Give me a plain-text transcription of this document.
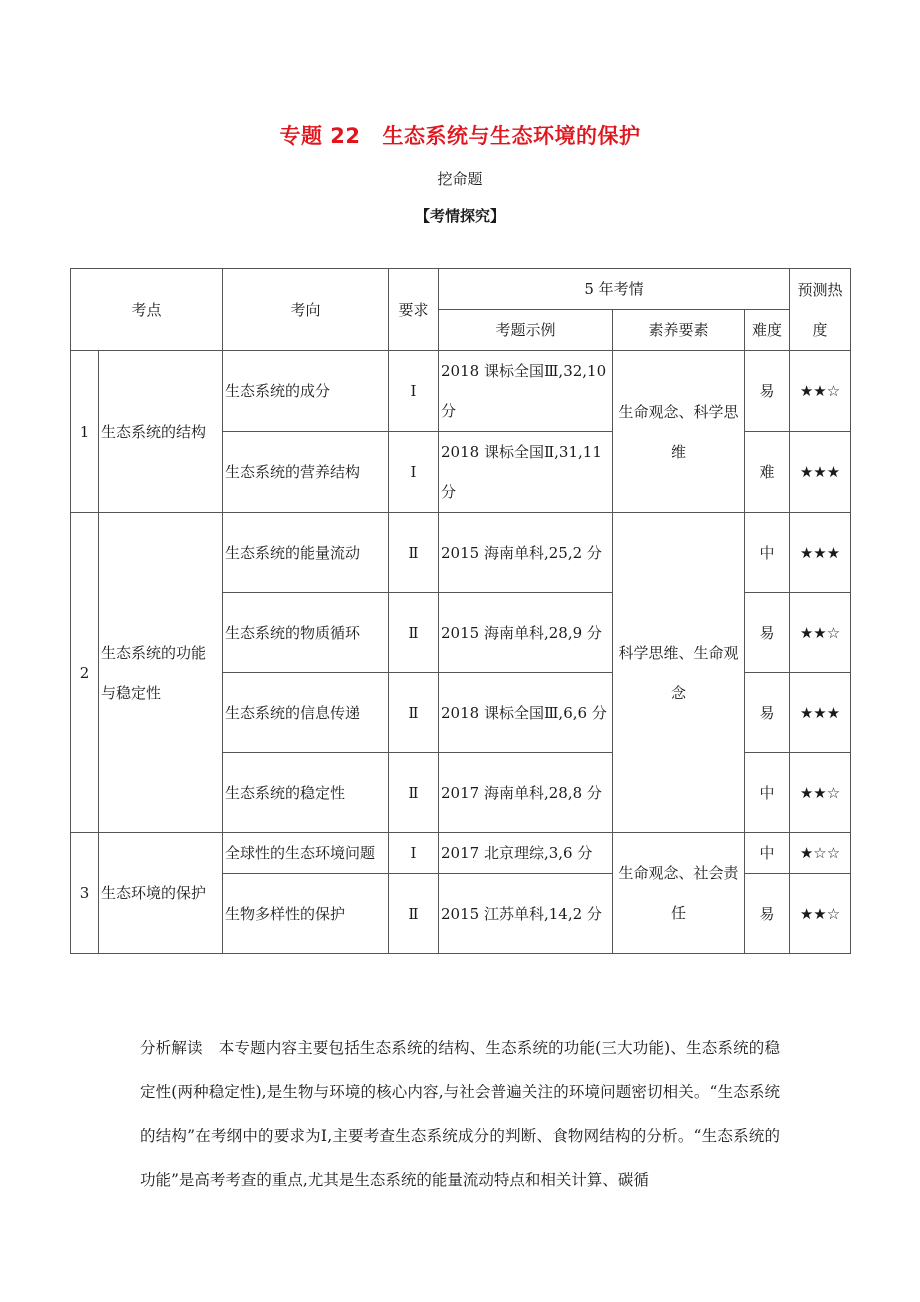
专题 22 生态系统与生态环境的保护
挖命题
【考情探究】
考点		考向	要求	5 年考情			预测热度
				考题示例	素养要素	难度	
1	生态系统的结构	生态系统的成分	Ⅰ	2018 课标全国Ⅲ,32,10 分	生命观念、科学思维	易	★★☆
		生态系统的营养结构	Ⅰ	2018 课标全国Ⅱ,31,11 分		难	★★★
2	生态系统的功能与稳定性	生态系统的能量流动	Ⅱ	2015 海南单科,25,2 分	科学思维、生命观念	中	★★★
		生态系统的物质循环	Ⅱ	2015 海南单科,28,9 分		易	★★☆
		生态系统的信息传递	Ⅱ	2018 课标全国Ⅲ,6,6 分		易	★★★
		生态系统的稳定性	Ⅱ	2017 海南单科,28,8 分		中	★★☆
3	生态环境的保护	全球性的生态环境问题	Ⅰ	2017 北京理综,3,6 分	生命观念、社会责任	中	★☆☆
		生物多样性的保护	Ⅱ	2015 江苏单科,14,2 分		易	★★☆
分析解读 本专题内容主要包括生态系统的结构、生态系统的功能(三大功能)、生态系统的稳定性(两种稳定性),是生物与环境的核心内容,与社会普遍关注的环境问题密切相关。“生态系统的结构”在考纲中的要求为Ⅰ,主要考查生态系统成分的判断、食物网结构的分析。“生态系统的功能”是高考考查的重点,尤其是生态系统的能量流动特点和相关计算、碳循
